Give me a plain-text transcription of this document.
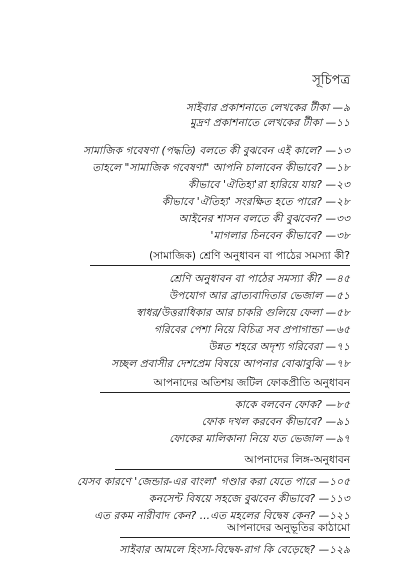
সূচিপত্র
সাইবার প্রকাশনাতে লেখকের টীকা —৯
মুদ্রণ প্রকাশনাতে লেখকের টীকা —১১
সামাজিক গবেষণা (পদ্ধতি) বলতে কী বুঝবেন এই কালে? —১৩
তাহলে "সামাজিক গবেষণা" আপনি চালাবেন কীভাবে? —১৮
কীভাবে 'ঐতিহ্য'রা হারিয়ে যায়? —২৩
কীভাবে 'ঐতিহ্য' সংরক্ষিত হতে পারে? —২৮
আইনের শাসন বলতে কী বুঝবেন? —৩৩
'মাগলার চিনবেন কীভাবে? —৩৮
(সামাজিক) শ্রেণি অনুধাবন বা পাঠের সমস্যা কী?
শ্রেণি অনুধাবন বা পাঠের সমস্যা কী? —৪৫
উপযোগ আর ব্রাত্যবাদিতার ভেজাল —৫১
স্বাধর/উত্তরাধিকার আর চাকরি গুলিয়ে ফেলা —৫৮
গরিবের পেশা নিয়ে বিচিত্র সব প্রপাগান্ডা —৬৫
উন্নত শহরে অদৃশ্য গরিবেরা —৭১
সচ্ছল প্রবাসীর দেশপ্রেম বিষয়ে আপনার বোঝাবুঝি —৭৮
আপনাদের অতিশয় জটিল ফোকপ্রীতি অনুধাবন
কাকে বলবেন ফোক? —৮৫
ফোক দখল করবেন কীভাবে? —৯১
ফোকের মালিকানা নিয়ে যত ভেজাল —৯৭
আপনাদের লিঙ্গ-অনুধাবন
যেসব কারণে 'জেন্ডার-এর বাংলা' গণ্ডার করা যেতে পারে —১০৫
কনসেন্ট বিষয়ে সহজে বুঝবেন কীভাবে? —১১৩
এত রকম নারীবাদ কেন? ...এত মহলের বিদ্বেষ কেন? —১২১
আপনাদের অনুভূতির কাঠামো
সাইবার আমলে হিংসা-বিদ্বেষ-রাগ কি বেড়েছে? —১২৯
